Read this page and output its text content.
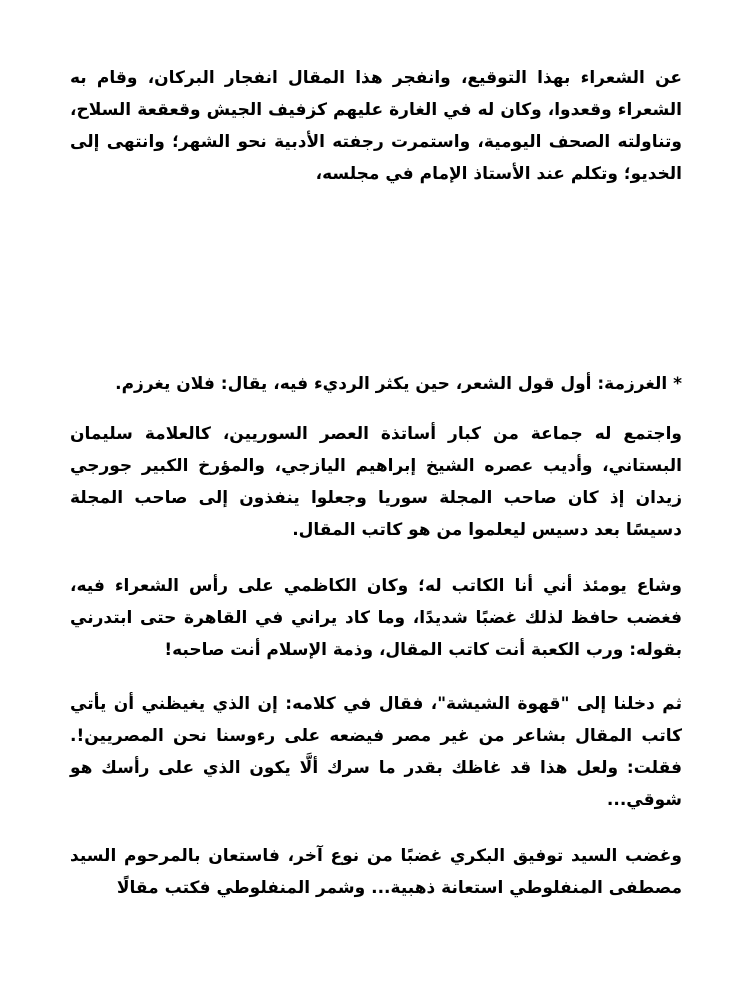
عن الشعراء بهذا التوقيع، وانفجر هذا المقال انفجار البركان، وقام به الشعراء وقعدوا، وكان له في الغارة عليهم كزفيف الجيش وقعقعة السلاح، وتناولته الصحف اليومية، واستمرت رجفته الأدبية نحو الشهر؛ وانتهى إلى الخديو؛ وتكلم عند الأستاذ الإمام في مجلسه،

* الغرزمة: أول قول الشعر، حين يكثر الرديء فيه، يقال: فلان يغرزم.

واجتمع له جماعة من كبار أساتذة العصر السوريين، كالعلامة سليمان البستاني، وأديب عصره الشيخ إبراهيم اليازجي، والمؤرخ الكبير جورجي زيدان إذ كان صاحب المجلة سوريا وجعلوا ينفذون إلى صاحب المجلة دسيسًا بعد دسيس ليعلموا من هو كاتب المقال.

وشاع يومئذ أني أنا الكاتب له؛ وكان الكاظمي على رأس الشعراء فيه، فغضب حافظ لذلك غضبًا شديدًا، وما كاد يراني في القاهرة حتى ابتدرني بقوله: ورب الكعبة أنت كاتب المقال، وذمة الإسلام أنت صاحبه!

ثم دخلنا إلى "قهوة الشيشة"، فقال في كلامه: إن الذي يغيظني أن يأتي كاتب المقال بشاعر من غير مصر فيضعه على رءوسنا نحن المصريين!. فقلت: ولعل هذا قد غاظك بقدر ما سرك ألَّا يكون الذي على رأسك هو شوقي...

وغضب السيد توفيق البكري غضبًا من نوع آخر، فاستعان بالمرحوم السيد مصطفى المنفلوطي استعانة ذهبية... وشمر المنفلوطي فكتب مقالًا
